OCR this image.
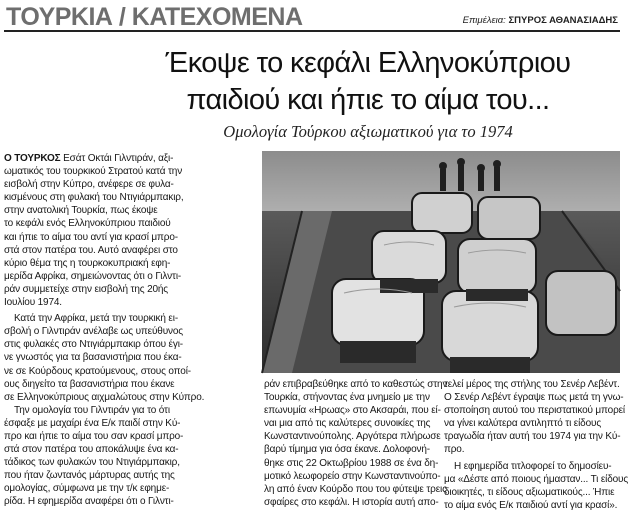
ΤΟΥΡΚΙΑ / ΚΑΤΕΧΟΜΕΝΑ	Επιμέλεια: ΣΠΥΡΟΣ ΑΘΑΝΑΣΙΑΔΗΣ
Έκοψε το κεφάλι Ελληνοκύπριου
παιδιού και ήπιε το αίμα του...
Ομολογία Τούρκου αξιωματικού για το 1974
Ο ΤΟΥΡΚΟΣ Εσάτ Οκτάι Γιλντιράν, αξι-
ωματικός του τουρκικού Στρατού κατά την
εισβολή στην Κύπρο, ανέφερε σε φυλα-
κισμένους στη φυλακή του Ντιγιάρμπακιρ,
στην ανατολική Τουρκία, πως έκοψε
το κεφάλι ενός Ελληνοκύπριου παιδιού
και ήπιε το αίμα του αντί για κρασί μπρο-
στά στον πατέρα του. Αυτό αναφέρει στο
κύριο θέμα της η τουρκοκυπριακή εφη-
μερίδα Αφρίκα, σημειώνοντας ότι ο Γιλντι-
ράν συμμετείχε στην εισβολή της 20ής
Ιουλίου 1974.
Κατά την Αφρίκα, μετά την τουρκική ει-
σβολή ο Γιλντιράν ανέλαβε ως υπεύθυνος
στις φυλακές στο Ντιγιάρμπακιρ όπου έγι-
νε γνωστός για τα βασανιστήρια που έκα-
νε σε Κούρδους κρατούμενους, στους οποί-
ους διηγείτο τα βασανιστήρια που έκανε
σε Ελληνοκύπριους αιχμαλώτους στην Κύπρο.
Την ομολογία του Γιλντιράν για το ότι
έσφαξε με μαχαίρι ένα Ε/κ παιδί στην Κύ-
προ και ήπιε το αίμα του σαν κρασί μπρο-
στά στον πατέρα του αποκάλυψε ένα κα-
τάδικος των φυλακών του Ντιγιάρμπακιρ,
που ήταν ζωντανός μάρτυρας αυτής της
ομολογίας, σύμφωνα με την τ/κ εφημε-
ρίδα. Η εφημερίδα αναφέρει ότι ο Γιλντι-
ράν επιβραβεύθηκε από το καθεστώς στην
Τουρκία, στήνοντας ένα μνημείο με την
επωνυμία «Ηρωας» στο Ακσαράι, που εί-
ναι μια από τις καλύτερες συνοικίες της
Κωνσταντινούπολης. Αργότερα πλήρωσε
βαρύ τίμημα για όσα έκανε. Δολοφονή-
θηκε στις 22 Οκτωβρίου 1988 σε ένα δη-
μοτικό λεωφορείο στην Κωνσταντινούπο-
λη από έναν Κούρδο που του φύτεψε τρεις
σφαίρες στο κεφάλι. Η ιστορία αυτή απο-
τελεί μέρος της στήλης του Σενέρ Λεβέντ.
Ο Σενέρ Λεβέντ έγραψε πως μετά τη γνω-
στοποίηση αυτού του περιστατικού μπορεί
να γίνει καλύτερα αντιληπτό τι είδους
τραγωδία ήταν αυτή του 1974 για την Κύ-
προ.
Η εφημερίδα τιτλοφορεί το δημοσίευ-
μα «Δέστε από ποιους ήμασταν... Τι είδους
διοικητές, τι είδους αξιωματικούς... Ήπιε
το αίμα ενός Ε/κ παιδιού αντί για κρασί».
